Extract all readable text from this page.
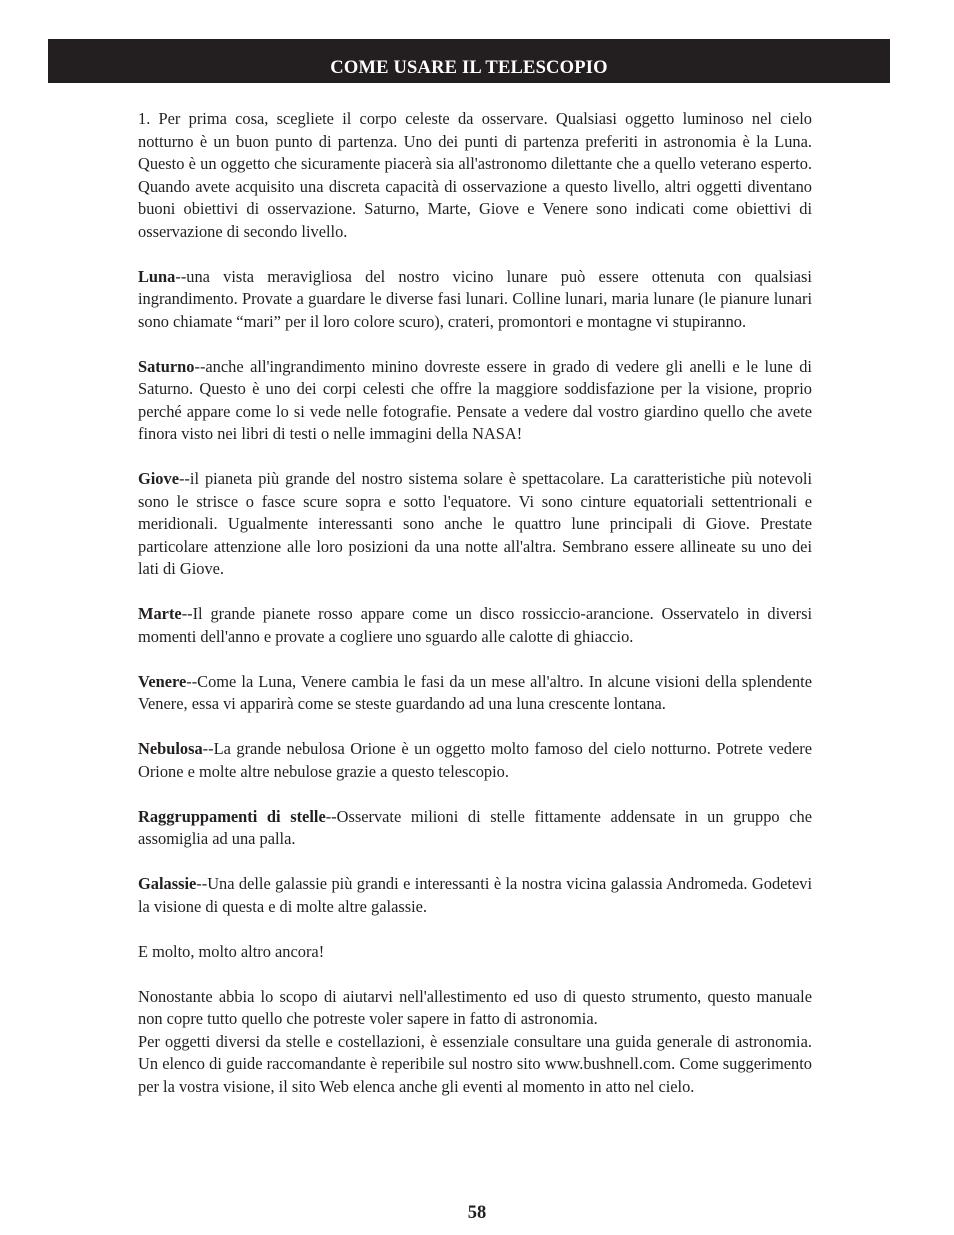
COME USARE IL TELESCOPIO

1. Per prima cosa, scegliete il corpo celeste da osservare. Qualsiasi oggetto luminoso nel cielo notturno è un buon punto di partenza. Uno dei punti di partenza preferiti in astronomia è la Luna. Questo è un oggetto che sicuramente piacerà sia all'astronomo dilettante che a quello veterano esperto. Quando avete acquisito una discreta capacità di osservazione a questo livello, altri oggetti diventano buoni obiettivi di osservazione. Saturno, Marte, Giove e Venere sono indicati come obiettivi di osservazione di secondo livello.

Luna--una vista meravigliosa del nostro vicino lunare può essere ottenuta con qualsiasi ingrandimento. Provate a guardare le diverse fasi lunari. Colline lunari, maria lunare (le pianure lunari sono chiamate “mari” per il loro colore scuro), crateri, promontori e montagne vi stupiranno.

Saturno--anche all'ingrandimento minino dovreste essere in grado di vedere gli anelli e le lune di Saturno. Questo è uno dei corpi celesti che offre la maggiore soddisfazione per la visione, proprio perché appare come lo si vede nelle fotografie. Pensate a vedere dal vostro giardino quello che avete finora visto nei libri di testi o nelle immagini della NASA!

Giove--il pianeta più grande del nostro sistema solare è spettacolare. La caratteristiche più notevoli sono le strisce o fasce scure sopra e sotto l'equatore. Vi sono cinture equatoriali settentrionali e meridionali. Ugualmente interessanti sono anche le quattro lune principali di Giove. Prestate particolare attenzione alle loro posizioni da una notte all'altra. Sembrano essere allineate su uno dei lati di Giove.

Marte--Il grande pianete rosso appare come un disco rossiccio-arancione. Osservatelo in diversi momenti dell'anno e provate a cogliere uno sguardo alle calotte di ghiaccio.

Venere--Come la Luna, Venere cambia le fasi da un mese all'altro. In alcune visioni della splendente Venere, essa vi apparirà come se steste guardando ad una luna crescente lontana.

Nebulosa--La grande nebulosa Orione è un oggetto molto famoso del cielo notturno. Potrete vedere Orione e molte altre nebulose grazie a questo telescopio.

Raggruppamenti di stelle--Osservate milioni di stelle fittamente addensate in un gruppo che assomiglia ad una palla.

Galassie--Una delle galassie più grandi e interessanti è la nostra vicina galassia Andromeda. Godetevi la visione di questa e di molte altre galassie.

E molto, molto altro ancora!

Nonostante abbia lo scopo di aiutarvi nell'allestimento ed uso di questo strumento, questo manuale non copre tutto quello che potreste voler sapere in fatto di astronomia.

Per oggetti diversi da stelle e costellazioni, è essenziale consultare una guida generale di astronomia. Un elenco di guide raccomandante è reperibile sul nostro sito www.bushnell.com. Come suggerimento per la vostra visione, il sito Web elenca anche gli eventi al momento in atto nel cielo.

58
